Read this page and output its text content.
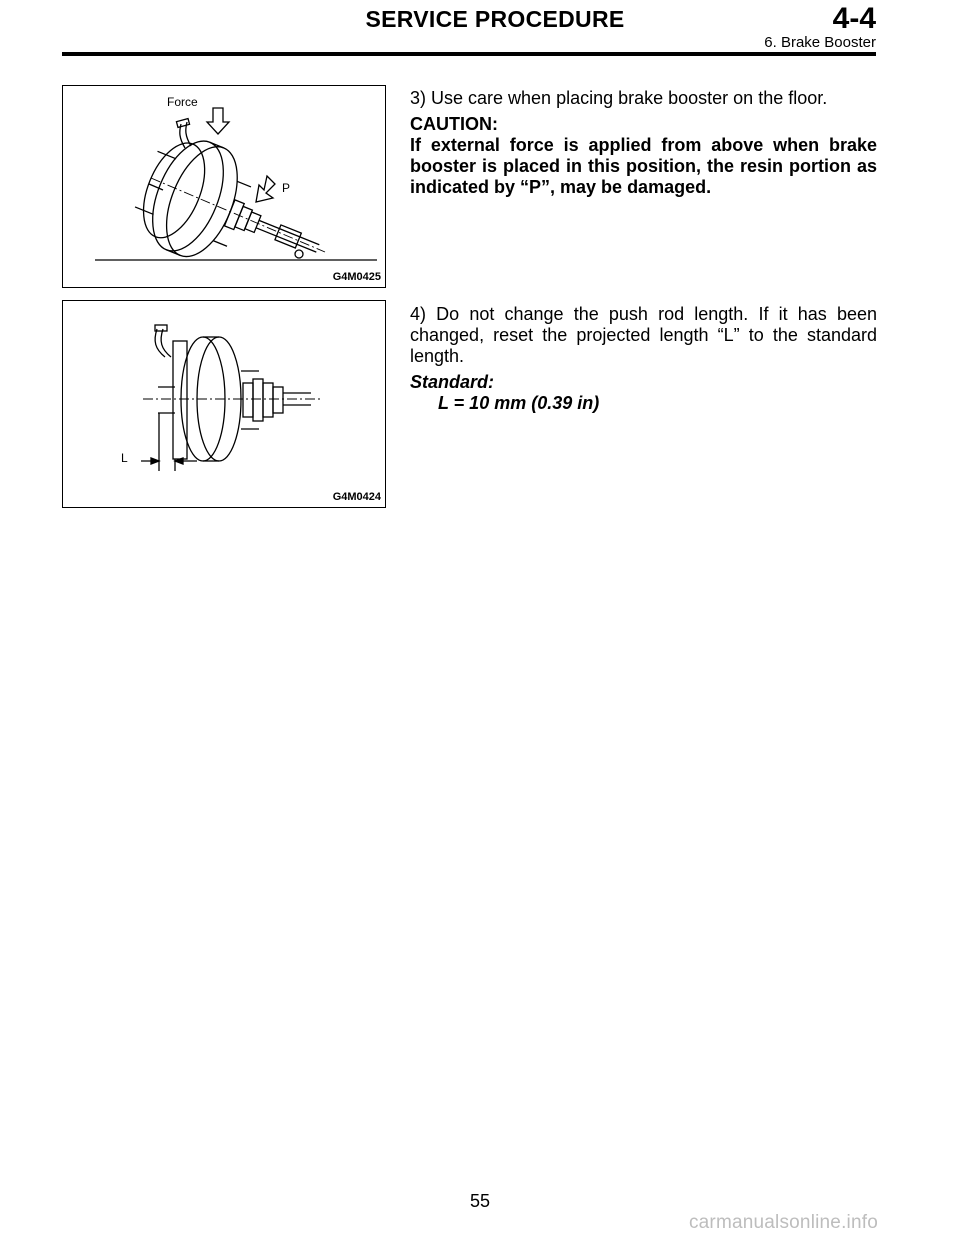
SERVICE PROCEDURE	4-4
6. Brake Booster
Force
P
G4M0425
L
G4M0424

3) Use care when placing brake booster on the floor.

CAUTION:

If external force is applied from above when brake booster is placed in this position, the resin portion as indicated by “P”, may be damaged.

4) Do not change the push rod length. If it has been changed, reset the projected length “L” to the standard length.

Standard:

L = 10 mm (0.39 in)

55
carmanualsonline.info
